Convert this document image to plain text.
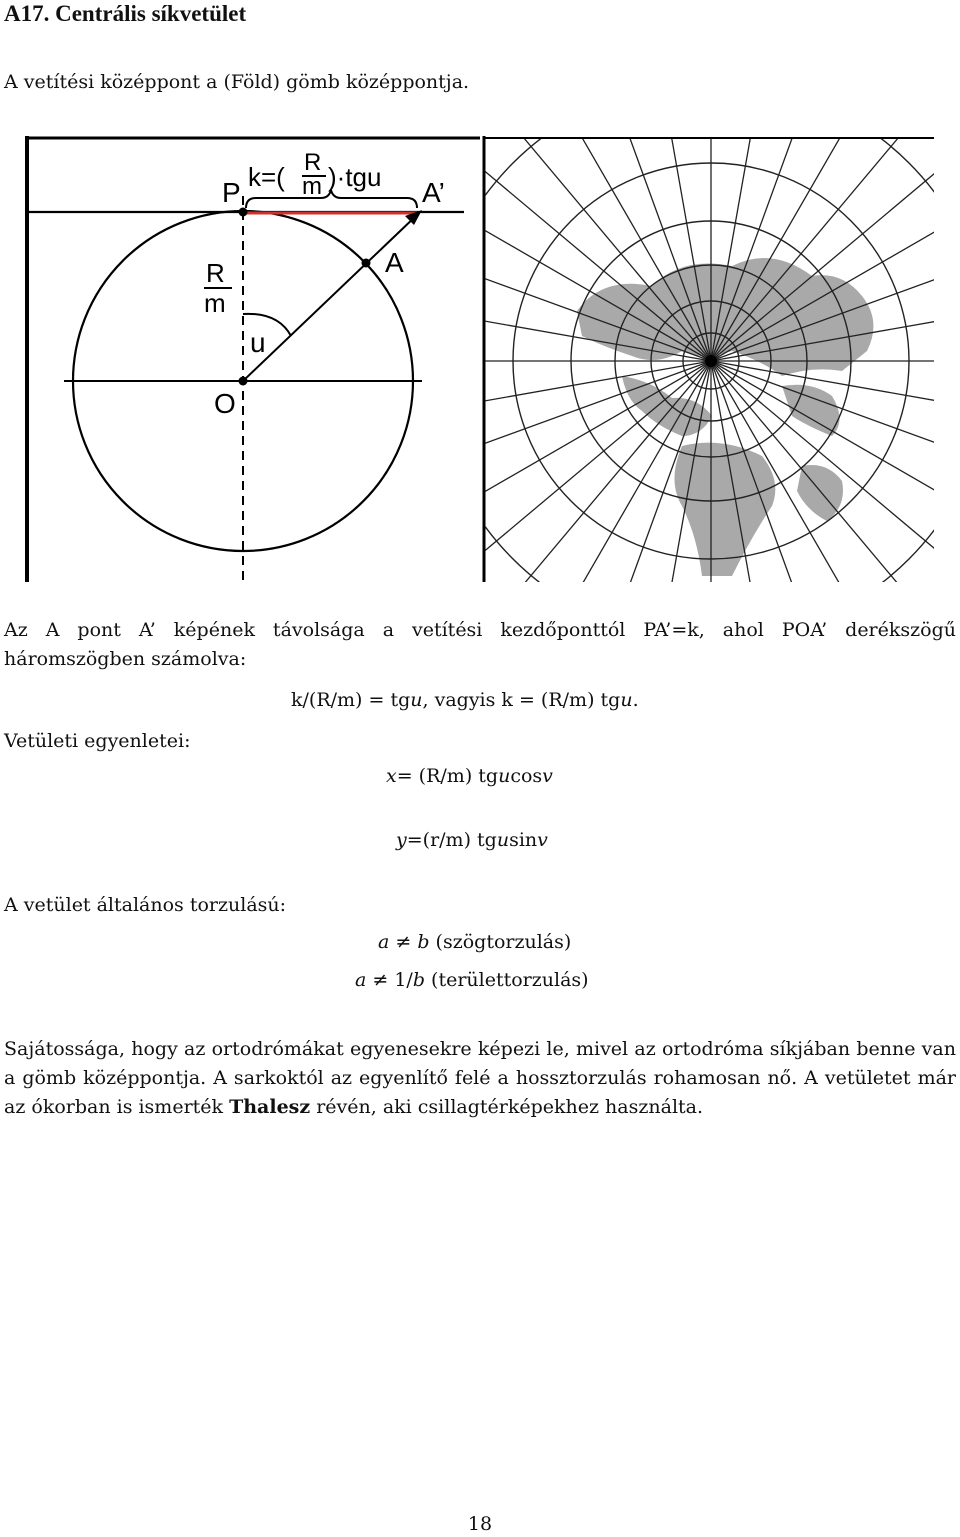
A17. Centrális síkvetület
A vetítési középpont a (Föld) gömb középpontja.
P k=( R
m )·tgu A’
A
R
m
u
O
Az A pont A’ képének távolsága a vetítési kezdőponttól PA’=k, ahol POA’ derékszögű háromszögben számolva:
k/(R/m) = tgu, vagyis k = (R/m) tgu.
Vetületi egyenletei:
x= (R/m) tgucosv
y=(r/m) tgusinv
A vetület általános torzulású:
a ≠ b (szögtorzulás)
a ≠ 1/b (területtorzulás)
Sajátossága, hogy az ortodrómákat egyenesekre képezi le, mivel az ortodróma síkjában benne van a gömb középpontja. A sarkoktól az egyenlítő felé a hossztorzulás rohamosan nő. A vetületet már az ókorban is ismerték Thalesz révén, aki csillagtérképekhez használta.
18
